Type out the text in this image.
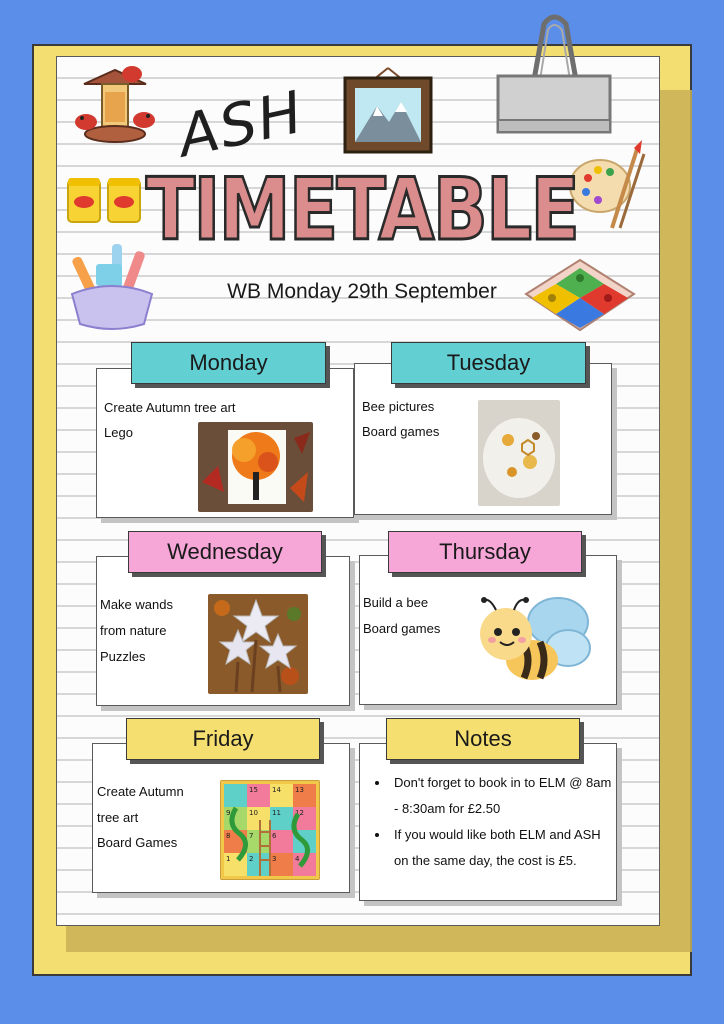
ASH
TIMETABLE
WB Monday 29th September
Monday
Create Autumn tree art
Lego
Tuesday
Bee pictures
Board games
Wednesday
Make wands
from nature
Puzzles
Thursday
Build a bee
Board games
Friday
Create Autumn
tree art
Board Games
15 14 13
9	10 11 12
8	7	6	5
1	2	3	4
Notes
• Don't forget to book in to ELM @ 8am - 8:30am for £2.50
• If you would like both ELM and ASH on the same day, the cost is £5.
